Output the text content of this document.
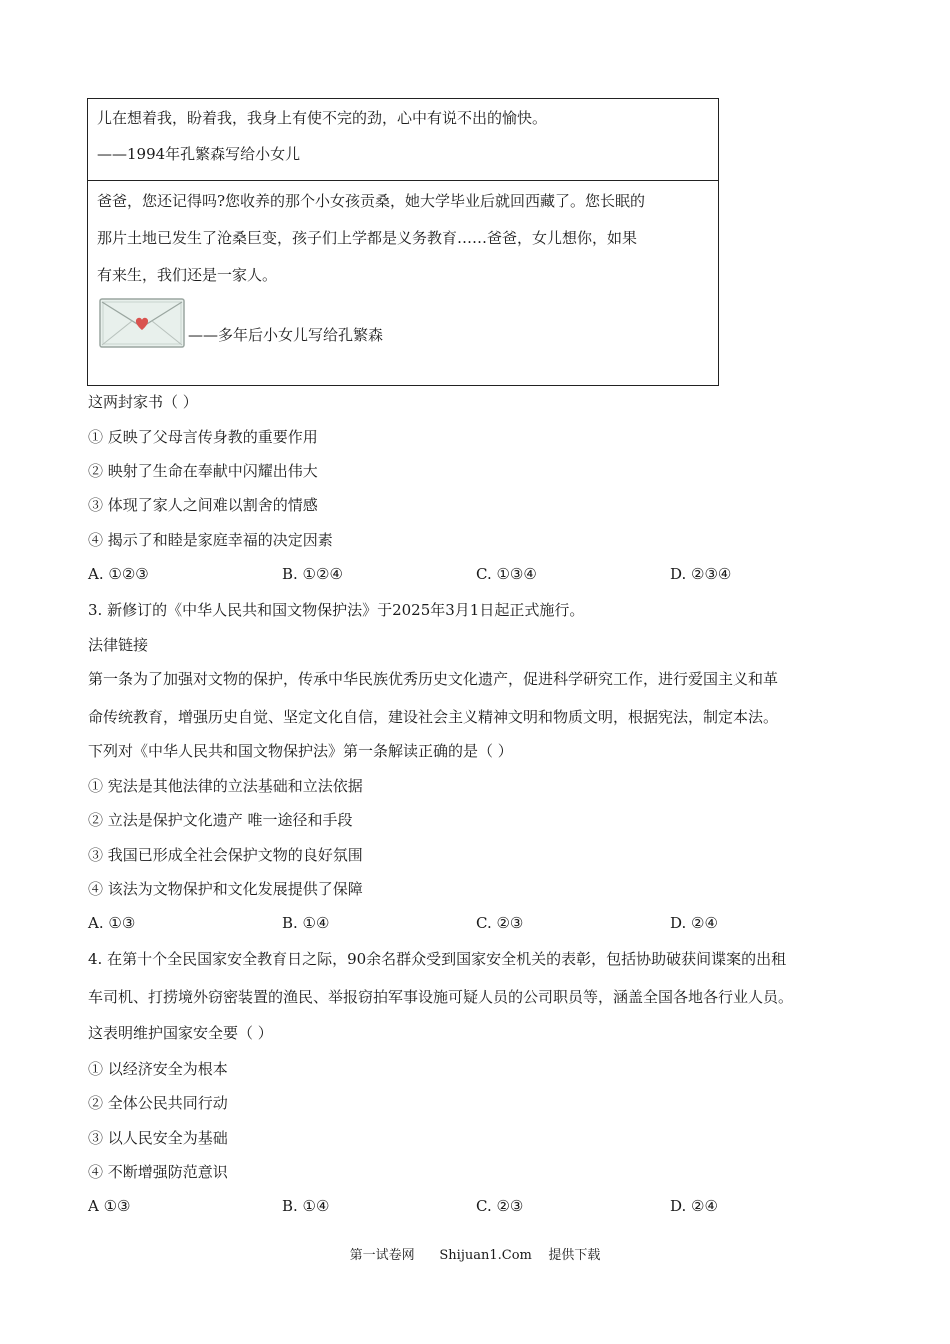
儿在想着我，盼着我，我身上有使不完的劲，心中有说不出的愉快。
——1994年孔繁森写给小女儿
爸爸，您还记得吗?您收养的那个小女孩贡桑，她大学毕业后就回西藏了。您长眠的
那片土地已发生了沧桑巨变，孩子们上学都是义务教育……爸爸，女儿想你，如果
有来生，我们还是一家人。
——多年后小女儿写给孔繁森
这两封家书（ ）
① 反映了父母言传身教的重要作用
② 映射了生命在奉献中闪耀出伟大
③ 体现了家人之间难以割舍的情感
④ 揭示了和睦是家庭幸福的决定因素
A. ①②③	B. ①②④	C. ①③④	D. ②③④
3. 新修订的《中华人民共和国文物保护法》于2025年3月1日起正式施行。
法律链接
第一条为了加强对文物的保护，传承中华民族优秀历史文化遗产，促进科学研究工作，进行爱国主义和革
命传统教育，增强历史自觉、坚定文化自信，建设社会主义精神文明和物质文明，根据宪法，制定本法。
下列对《中华人民共和国文物保护法》第一条解读正确的是（ ）
① 宪法是其他法律的立法基础和立法依据
② 立法是保护文化遗产 唯一途径和手段
③ 我国已形成全社会保护文物的良好氛围
④ 该法为文物保护和文化发展提供了保障
A. ①③	B. ①④	C. ②③	D. ②④
4. 在第十个全民国家安全教育日之际，90余名群众受到国家安全机关的表彰，包括协助破获间谍案的出租
车司机、打捞境外窃密装置的渔民、举报窃拍军事设施可疑人员的公司职员等，涵盖全国各地各行业人员。
这表明维护国家安全要（ ）
① 以经济安全为根本
② 全体公民共同行动
③ 以人民安全为基础
④ 不断增强防范意识
A ①③	B. ①④	C. ②③	D. ②④
第一试卷网      Shijuan1.Com    提供下载
